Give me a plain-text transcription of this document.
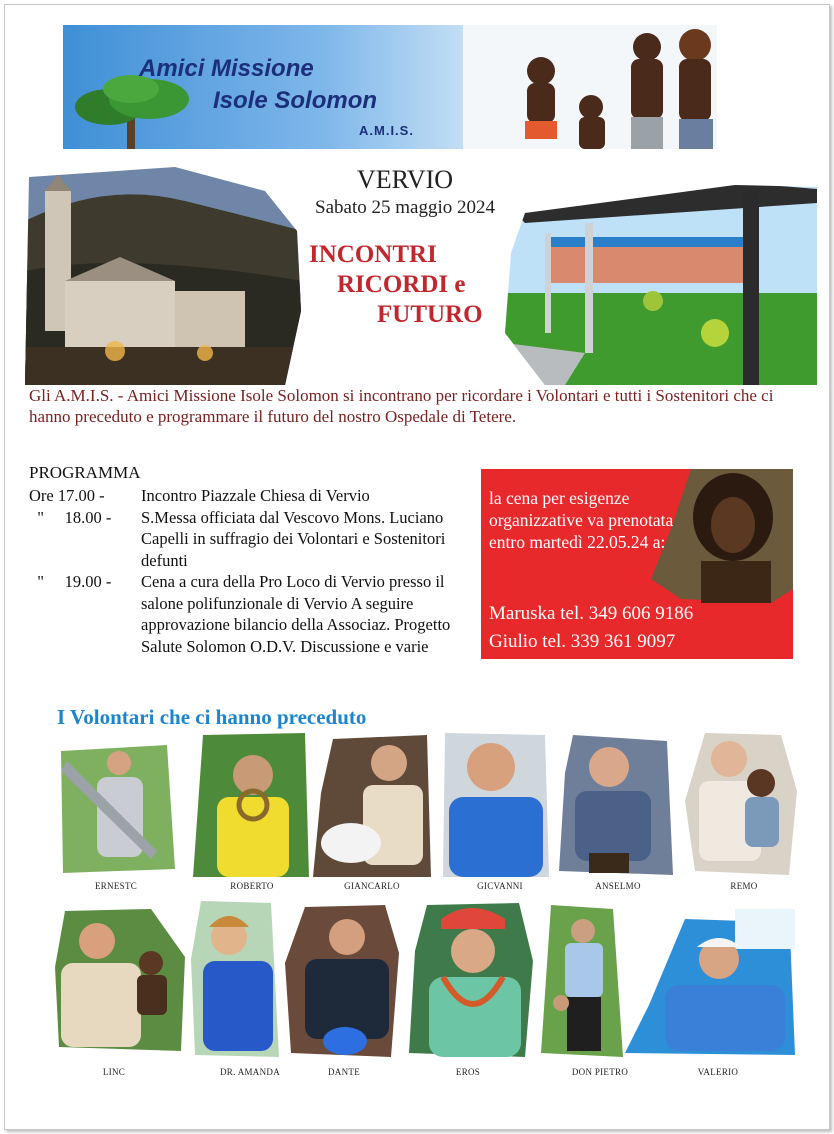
Amici Missione
Isole Solomon
A.M.I.S.
VERVIO
Sabato 25 maggio 2024
INCONTRI
RICORDI e
FUTURO
Gli A.M.I.S. - Amici Missione Isole Solomon si incontrano per ricordare i Volontari e tutti i Sostenitori che ci hanno preceduto e programmare il futuro del nostro Ospedale di Tetere.
PROGRAMMA
Ore 17.00 -	Incontro Piazzale Chiesa di Vervio
"     18.00 -	S.Messa officiata dal Vescovo Mons. Luciano Capelli in suffragio dei Volontari e Sostenitori defunti
"     19.00 -	Cena a cura della Pro Loco di Vervio presso il salone polifunzionale di Vervio A seguire approvazione bilancio della Associaz. Progetto Salute Solomon O.D.V. Discussione e varie
la cena per esigenze organizzative va prenotata entro martedì 22.05.24 a:
Maruska tel. 349 606 9186
Giulio tel. 339 361 9097
I Volontari che ci hanno preceduto
ERNESTC	ROBERTO	GIANCARLO	GICVANNI	ANSELMO	REMO
LINC	DR. AMANDA	DANTE	EROS	DON PIETRO	VALERIO
